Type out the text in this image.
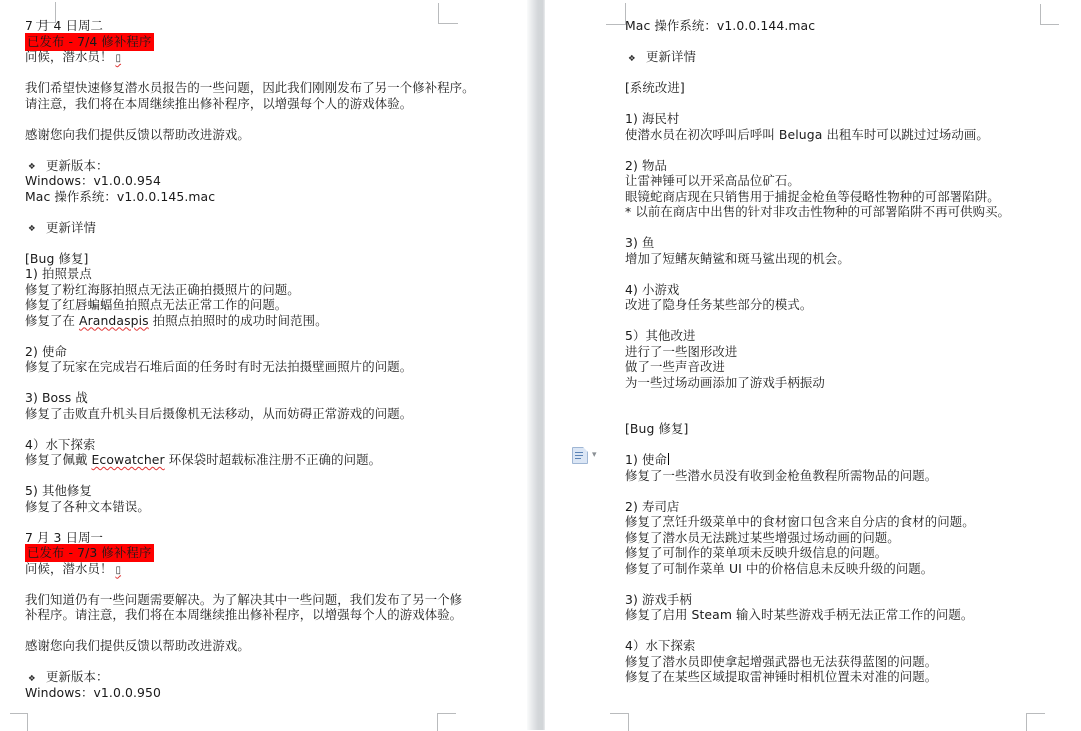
7 月 4 日周二
已发布 - 7/4 修补程序
问候，潜水员！ ▯
我们希望快速修复潜水员报告的一些问题，因此我们刚刚发布了另一个修补程序。
请注意，我们将在本周继续推出修补程序，以增强每个人的游戏体验。
感谢您向我们提供反馈以帮助改进游戏。
❖ 更新版本：
Windows：v1.0.0.954
Mac 操作系统：v1.0.0.145.mac
❖ 更新详情
[Bug 修复]
1) 拍照景点
修复了粉红海豚拍照点无法正确拍摄照片的问题。
修复了红唇蝙蝠鱼拍照点无法正常工作的问题。
修复了在 Arandaspis 拍照点拍照时的成功时间范围。
2) 使命
修复了玩家在完成岩石堆后面的任务时有时无法拍摄壁画照片的问题。
3) Boss 战
修复了击败直升机头目后摄像机无法移动，从而妨碍正常游戏的问题。
4）水下探索
修复了佩戴 Ecowatcher 环保袋时超载标准注册不正确的问题。
5) 其他修复
修复了各种文本错误。
7 月 3 日周一
已发布 - 7/3 修补程序
问候，潜水员！ ▯
我们知道仍有一些问题需要解决。为了解决其中一些问题，我们发布了另一个修
补程序。请注意，我们将在本周继续推出修补程序，以增强每个人的游戏体验。
感谢您向我们提供反馈以帮助改进游戏。
❖ 更新版本：
Windows：v1.0.0.950
Mac 操作系统：v1.0.0.144.mac
❖ 更新详情
[系统改进]
1) 海民村
使潜水员在初次呼叫后呼叫 Beluga 出租车时可以跳过过场动画。
2) 物品
让雷神锤可以开采高品位矿石。
眼镜蛇商店现在只销售用于捕捉金枪鱼等侵略性物种的可部署陷阱。
* 以前在商店中出售的针对非攻击性物种的可部署陷阱不再可供购买。
3) 鱼
增加了短鳍灰鲭鲨和斑马鲨出现的机会。
4) 小游戏
改进了隐身任务某些部分的模式。
5）其他改进
进行了一些图形改进
做了一些声音改进
为一些过场动画添加了游戏手柄振动
[Bug 修复]
1) 使命
修复了一些潜水员没有收到金枪鱼教程所需物品的问题。
2) 寿司店
修复了烹饪升级菜单中的食材窗口包含来自分店的食材的问题。
修复了潜水员无法跳过某些增强过场动画的问题。
修复了可制作的菜单项未反映升级信息的问题。
修复了可制作菜单 UI 中的价格信息未反映升级的问题。
3) 游戏手柄
修复了启用 Steam 输入时某些游戏手柄无法正常工作的问题。
4）水下探索
修复了潜水员即使拿起增强武器也无法获得蓝图的问题。
修复了在某些区域提取雷神锤时相机位置未对准的问题。
▾
